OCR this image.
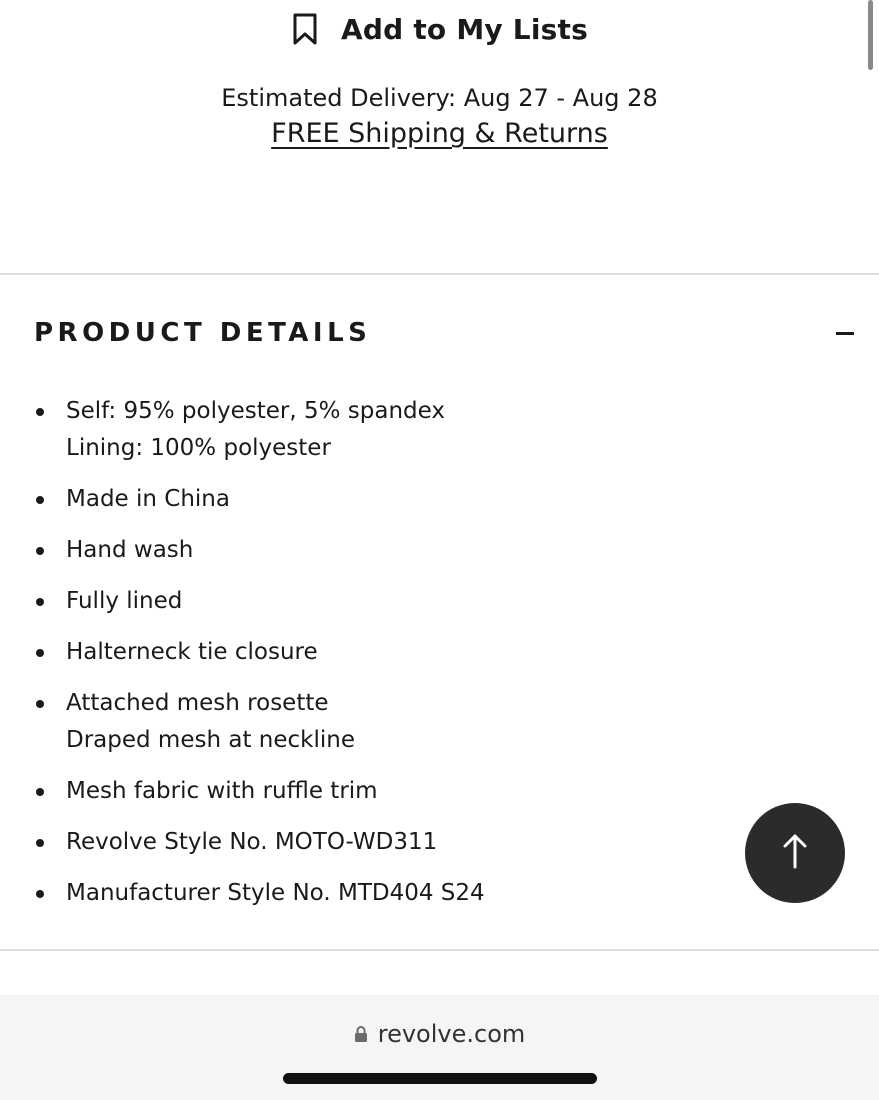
Add to My Lists
Estimated Delivery: Aug 27 - Aug 28
FREE Shipping & Returns
PRODUCT DETAILS
Self: 95% polyester, 5% spandex
Lining: 100% polyester
Made in China
Hand wash
Fully lined
Halterneck tie closure
Attached mesh rosette
Draped mesh at neckline
Mesh fabric with ruffle trim
Revolve Style No. MOTO-WD311
Manufacturer Style No. MTD404 S24
revolve.com
